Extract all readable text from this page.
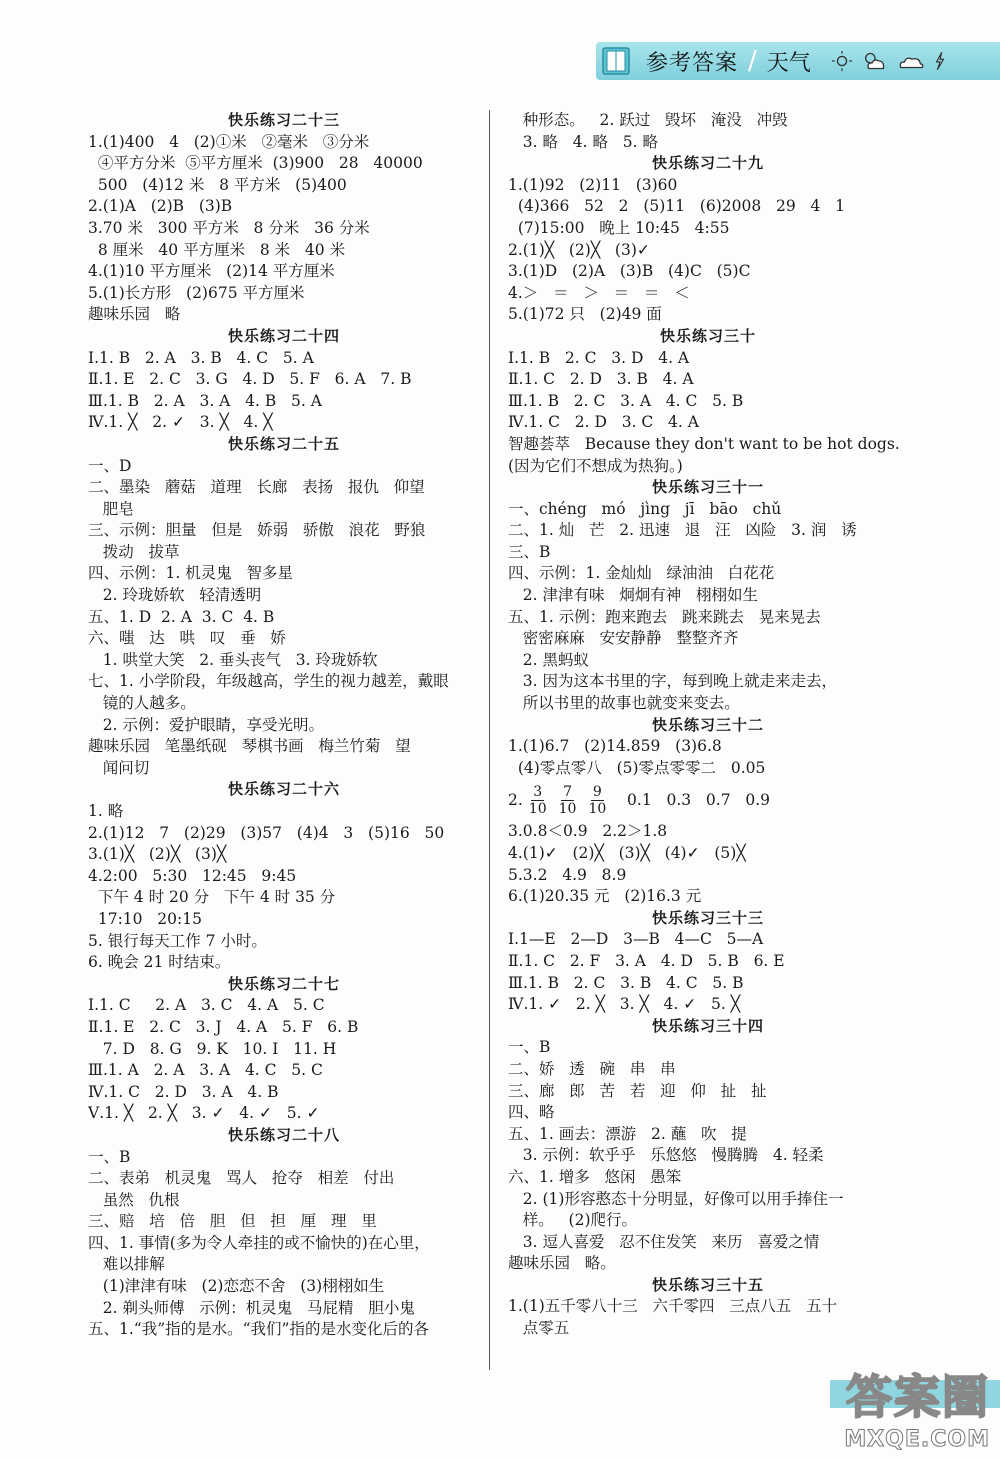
参考答案 / 天气
快乐练习二十三
1.(1)400   4   (2)①米   ②毫米   ③分米
④平方分米  ⑤平方厘米  (3)900   28   40000
500   (4)12 米   8 平方米   (5)400
2.(1)A   (2)B   (3)B
3.70 米   300 平方米   8 分米   36 分米
8 厘米   40 平方厘米   8 米   40 米
4.(1)10 平方厘米   (2)14 平方厘米
5.(1)长方形   (2)675 平方厘米
趣味乐园   略
快乐练习二十四
Ⅰ.1. B   2. A   3. B   4. C   5. A
Ⅱ.1. E   2. C   3. G   4. D   5. F   6. A   7. B
Ⅲ.1. B   2. A   3. A   4. B   5. A
Ⅳ.1. ╳   2. ✓   3. ╳   4. ╳
快乐练习二十五
一、D
二、墨染   蘑菇   道理   长廊   表扬   报仇   仰望
肥皂
三、示例：胆量   但是   娇弱   骄傲   浪花   野狼
拨动   拔草
四、示例：1. 机灵鬼   智多星
2. 玲珑娇软   轻清透明
五、1. D  2. A  3. C  4. B
六、嗤   达   哄   叹   垂   娇
1. 哄堂大笑   2. 垂头丧气   3. 玲珑娇软
七、1. 小学阶段，年级越高，学生的视力越差，戴眼
镜的人越多。
2. 示例：爱护眼睛，享受光明。
趣味乐园   笔墨纸砚   琴棋书画   梅兰竹菊   望
闻问切
快乐练习二十六
1. 略
2.(1)12   7   (2)29   (3)57   (4)4   3   (5)16   50
3.(1)╳   (2)╳   (3)╳
4.2:00   5:30   12:45   9:45
下午 4 时 20 分   下午 4 时 35 分
17:10   20:15
5. 银行每天工作 7 小时。
6. 晚会 21 时结束。
快乐练习二十七
Ⅰ.1. C     2. A   3. C   4. A   5. C
Ⅱ.1. E   2. C   3. J   4. A   5. F   6. B
7. D   8. G   9. K   10. I   11. H
Ⅲ.1. A   2. A   3. A   4. C   5. C
Ⅳ.1. C   2. D   3. A   4. B
Ⅴ.1. ╳   2. ╳   3. ✓   4. ✓   5. ✓
快乐练习二十八
一、B
二、表弟   机灵鬼   骂人   抢夺   相差   付出
虽然   仇根
三、赔   培   倍   胆   但   担   厘   理   里
四、1. 事情(多为令人牵挂的或不愉快的)在心里，
难以排解
(1)津津有味   (2)恋恋不舍   (3)栩栩如生
2. 剃头师傅   示例：机灵鬼   马屁精   胆小鬼
五、1.“我”指的是水。“我们”指的是水变化后的各
种形态。   2. 跃过   毁坏   淹没   冲毁
3. 略   4. 略   5. 略
快乐练习二十九
1.(1)92   (2)11   (3)60
(4)366   52   2   (5)11   (6)2008   29   4   1
(7)15:00   晚上 10:45   4:55
2.(1)╳   (2)╳   (3)✓
3.(1)D   (2)A   (3)B   (4)C   (5)C
4.＞   ＝   ＞   ＝   ＝   ＜
5.(1)72 只   (2)49 面
快乐练习三十
Ⅰ.1. B   2. C   3. D   4. A
Ⅱ.1. C   2. D   3. B   4. A
Ⅲ.1. B   2. C   3. A   4. C   5. B
Ⅳ.1. C   2. D   3. C   4. A
智趣荟萃   Because they don't want to be hot dogs.
(因为它们不想成为热狗。)
快乐练习三十一
一、chéng   mó   jìng   jī   bāo   chǔ
二、1. 灿   芒   2. 迅速   退   汪   凶险   3. 润   诱
三、B
四、示例：1. 金灿灿   绿油油   白花花
2. 津津有味   炯炯有神   栩栩如生
五、1. 示例：跑来跑去   跳来跳去   晃来晃去
密密麻麻   安安静静   整整齐齐
2. 黑蚂蚁
3. 因为这本书里的字，每到晚上就走来走去，
所以书里的故事也就变来变去。
快乐练习三十二
1.(1)6.7   (2)14.859   (3)6.8
(4)零点零八   (5)零点零零二   0.05
2. $\frac{3}{10} \frac{7}{10} \frac{9}{10} 0.1$   0.3   0.7   0.9
3.0.8＜0.9   2.2＞1.8
4.(1)✓   (2)╳   (3)╳   (4)✓   (5)╳
5.3.2   4.9   8.9
6.(1)20.35 元   (2)16.3 元
快乐练习三十三
Ⅰ.1—E   2—D   3—B   4—C   5—A
Ⅱ.1. C   2. F   3. A   4. D   5. B   6. E
Ⅲ.1. B   2. C   3. B   4. C   5. B
Ⅳ.1. ✓   2. ╳   3. ╳   4. ✓   5. ╳
快乐练习三十四
一、B
二、娇   透   碗   串   串
三、廊   郎   苦   若   迎   仰   扯   扯
四、略
五、1. 画去：漂游   2. 蘸   吹   提
3. 示例：软乎乎   乐悠悠   慢腾腾   4. 轻柔
六、1. 增多   悠闲   愚笨
2. (1)形容憨态十分明显，好像可以用手捧住一
样。   (2)爬行。
3. 逗人喜爱   忍不住发笑   来历   喜爱之情
趣味乐园   略。
快乐练习三十五
1.(1)五千零八十三   六千零四   三点八五   五十
点零五
答案圈
MXQE.COM
